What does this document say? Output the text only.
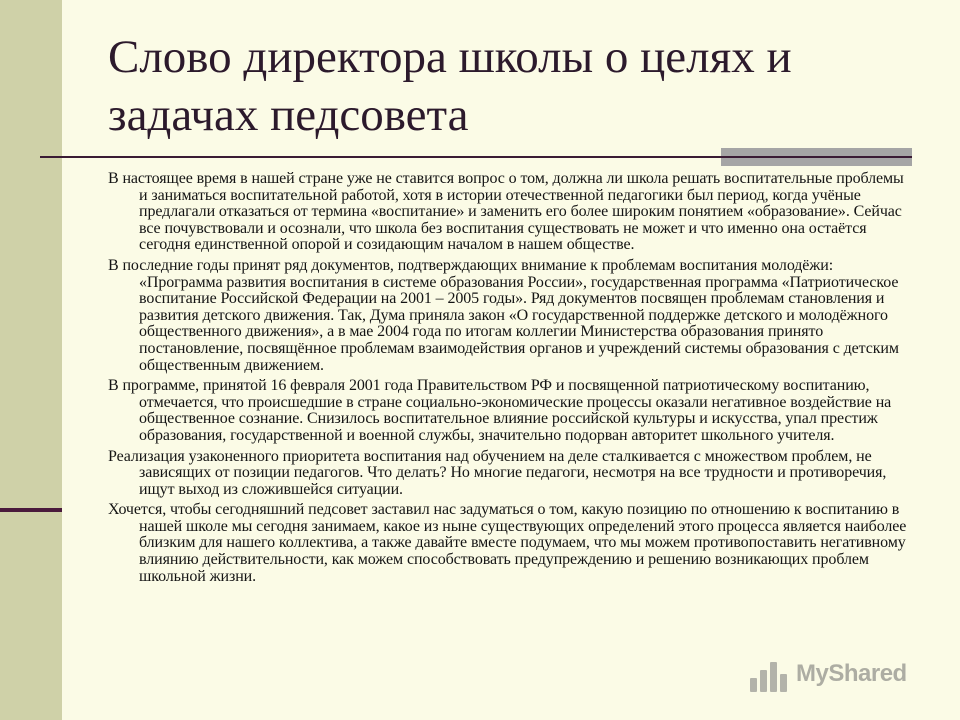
Слово директора школы о целях и задачах педсовета

В настоящее время в нашей стране уже не ставится вопрос о том, должна ли школа решать воспитательные проблемы и заниматься воспитательной работой, хотя в истории отечественной педагогики был период, когда учёные предлагали отказаться от термина «воспитание» и заменить его более широким понятием «образование». Сейчас все почувствовали и осознали, что школа без воспитания существовать не может и что именно она остаётся сегодня единственной опорой и созидающим началом в нашем обществе.

В последние годы принят ряд документов, подтверждающих внимание к проблемам воспитания молодёжи: «Программа развития воспитания в системе образования России», государственная программа «Патриотическое воспитание Российской Федерации на 2001 – 2005 годы». Ряд документов посвящен проблемам становления и развития детского движения. Так, Дума приняла закон «О государственной поддержке детского и молодёжного общественного движения», а в мае 2004 года по итогам коллегии Министерства образования принято постановление, посвящённое проблемам взаимодействия органов и учреждений системы образования с детским общественным движением.

В программе, принятой 16 февраля 2001 года Правительством РФ и посвященной патриотическому воспитанию, отмечается, что происшедшие в стране социально-экономические процессы оказали негативное воздействие на общественное сознание. Снизилось воспитательное влияние российской культуры и искусства, упал престиж образования, государственной и военной службы, значительно подорван авторитет школьного учителя.

Реализация узаконенного приоритета воспитания над обучением на деле сталкивается с множеством проблем, не зависящих от позиции педагогов. Что делать? Но многие педагоги, несмотря на все трудности и противоречия, ищут выход из сложившейся ситуации.

Хочется, чтобы сегодняшний педсовет заставил нас задуматься о том, какую позицию по отношению к воспитанию в нашей школе мы сегодня занимаем, какое из ныне существующих определений этого процесса является наиболее близким для нашего коллектива, а также давайте вместе подумаем, что мы можем противопоставить негативному влиянию действительности, как можем способствовать предупреждению и решению возникающих проблем школьной жизни.

MyShared
